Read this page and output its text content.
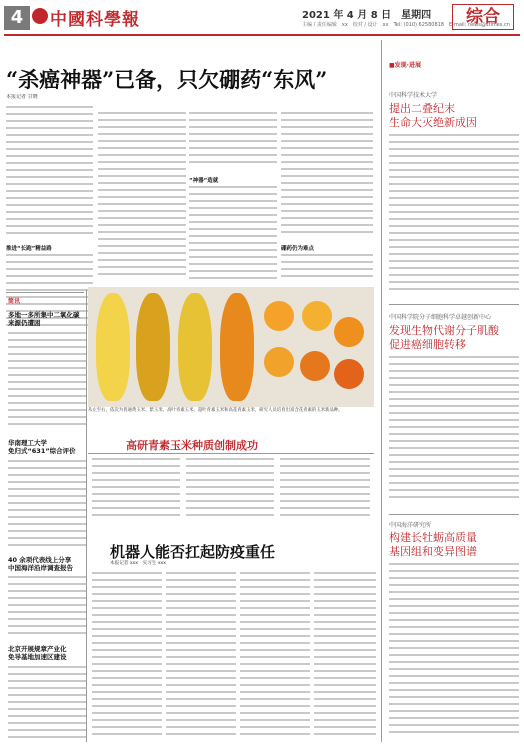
4	中國科學報	2021 年 4 月 8 日　星期四
主编 / 责任编辑　xx　校对 / 设计　xx　Tel: (010) 62580818　E-mail: news@stimes.cn
综合
“杀癌神器”已备，只欠硼药“东风”
本报记者 甘晓
推进“长跑”精益路
“神器”造就
硼药仍为难点
简讯
多地一多所集中二氧化碳
来源仍遭困
华南理工大学
免归式“631”综合评价
40 余项代表线上分享
中国海洋沿岸调查报告
北京开展规章产业化
免导基地加速区建设
从左至右，依次为普通黄玉米、紫玉米、高叶青素玉米、超叶青素玉米和高花青素玉米，研究人员培育出富含花青素的玉米新品种。
高研青素玉米种质创制成功
机器人能否扛起防疫重任
本报记者 xxx　实习生 xxx
■发现·进展
中国科学技术大学
提出二叠纪末
生命大灭绝新成因
中国科学院分子细胞科学卓越创新中心
发现生物代谢分子肌酸
促进癌细胞转移
中国海洋研究所
构建长牡蛎高质量
基因组和变异图谱
